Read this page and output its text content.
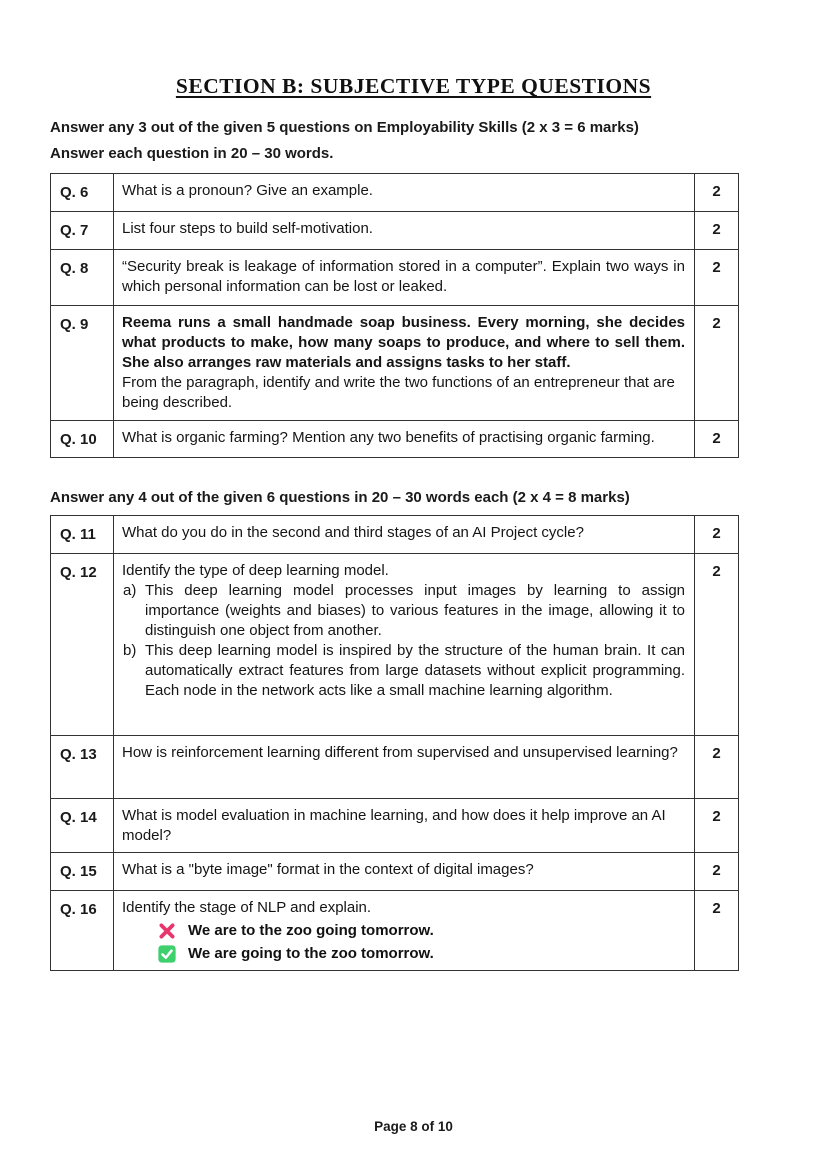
SECTION B: SUBJECTIVE TYPE QUESTIONS

Answer any 3 out of the given 5 questions on Employability Skills (2 x 3 = 6 marks)

Answer each question in 20 – 30 words.

Q. 6	What is a pronoun? Give an example.	2
Q. 7	List four steps to build self-motivation.	2
Q. 8	“Security break is leakage of information stored in a computer”. Explain two ways in which personal information can be lost or leaked.	2
Q. 9	Reema runs a small handmade soap business. Every morning, she decides what products to make, how many soaps to produce, and where to sell them. She also arranges raw materials and assigns tasks to her staff.

From the paragraph, identify and write the two functions of an entrepreneur that are being described.	2
Q. 10	What is organic farming? Mention any two benefits of practising organic farming.	2

Answer any 4 out of the given 6 questions in 20 – 30 words each (2 x 4 = 8 marks)

Q. 11	What do you do in the second and third stages of an AI Project cycle?	2
Q. 12	Identify the type of deep learning model.

a) This deep learning model processes input images by learning to assign importance (weights and biases) to various features in the image, allowing it to distinguish one object from another.
b) This deep learning model is inspired by the structure of the human brain. It can automatically extract features from large datasets without explicit programming. Each node in the network acts like a small machine learning algorithm.	2
Q. 13	How is reinforcement learning different from supervised and unsupervised learning?	2
Q. 14	What is model evaluation in machine learning, and how does it help improve an AI model?	2
Q. 15	What is a "byte image" format in the context of digital images?	2
Q. 16	Identify the stage of NLP and explain.

We are to the zoo going tomorrow.
We are going to the zoo tomorrow.	2
Page 8 of 10
